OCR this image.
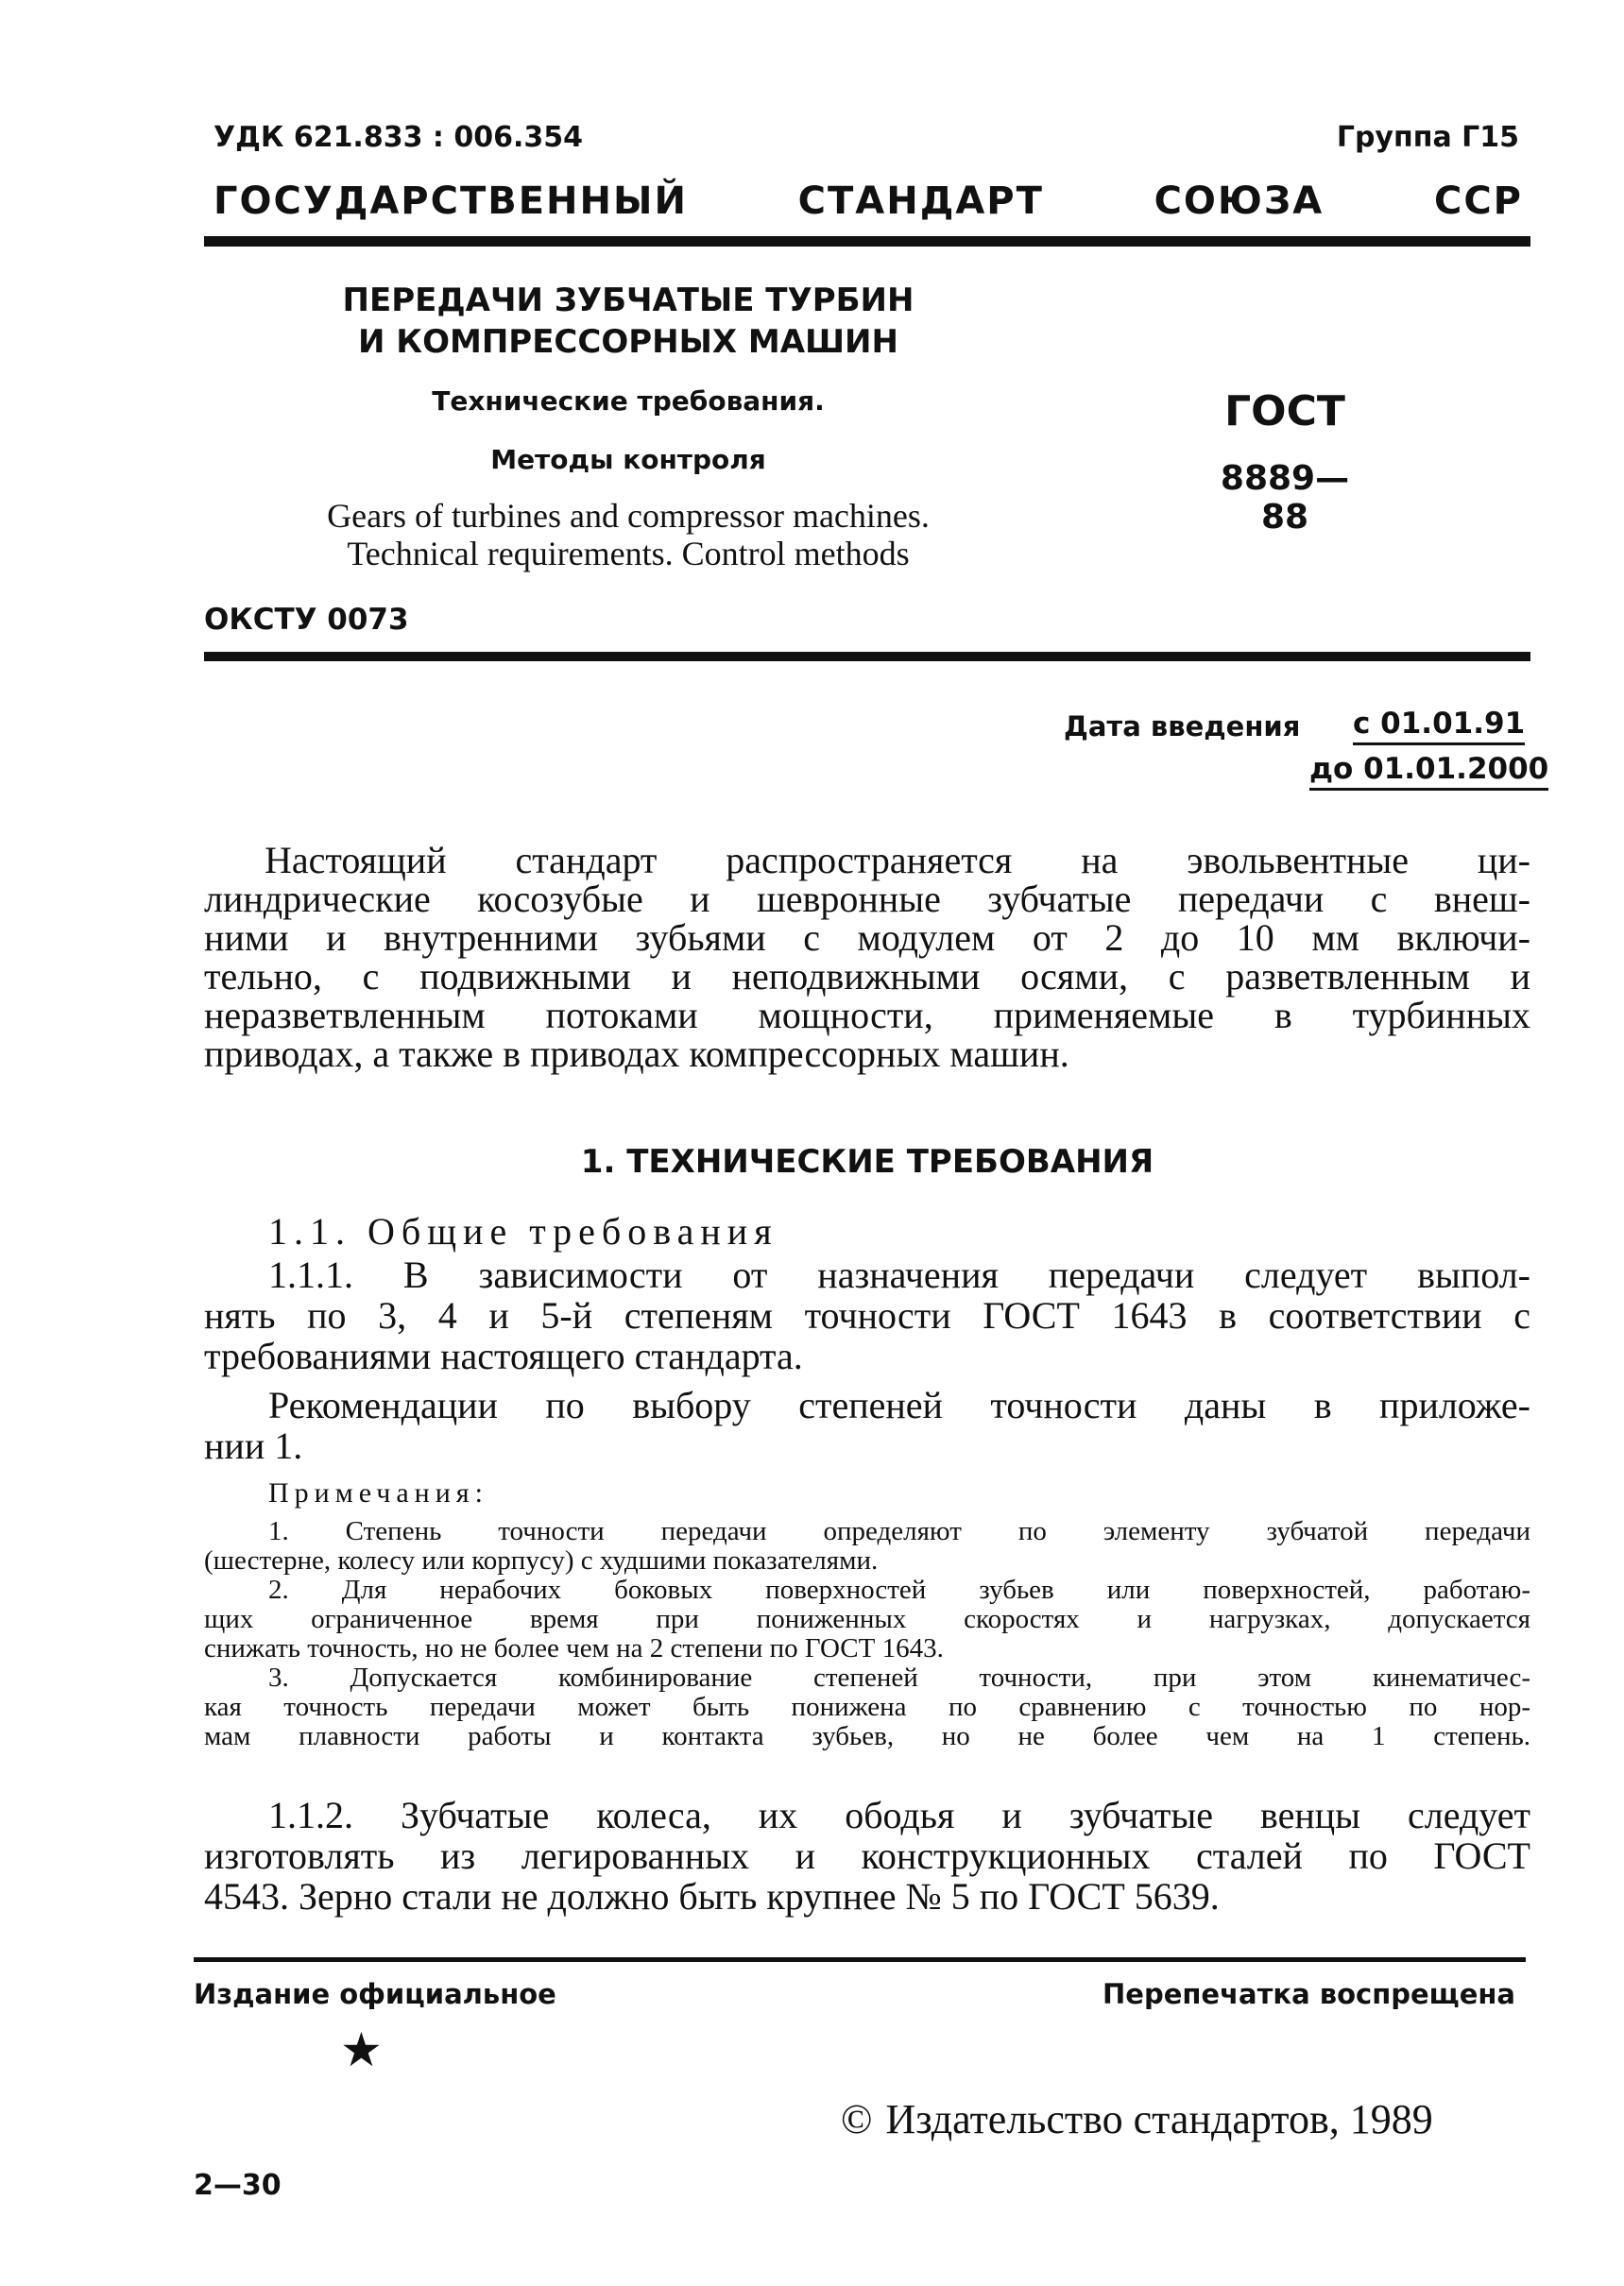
УДК 621.833 : 006.354	Группа Г15
ГОСУДАРСТВЕННЫЙ СТАНДАРТ СОЮЗА ССР
ПЕРЕДАЧИ ЗУБЧАТЫЕ ТУРБИН
И КОМПРЕССОРНЫХ МАШИН
Технические требования.
Методы контроля
Gears of turbines and compressor machines.
Technical requirements. Control methods
ГОСТ
8889—88
ОКСТУ 0073
Дата введения с 01.01.91
до 01.01.2000
Настоящий стандарт распространяется на эвольвентные ци-
линдрические косозубые и шевронные зубчатые передачи с внеш-
ними и внутренними зубьями с модулем от 2 до 10 мм включи-
тельно, с подвижными и неподвижными осями, с разветвленным и
неразветвленным потоками мощности, применяемые в турбинных
приводах, а также в приводах компрессорных машин.
1. ТЕХНИЧЕСКИЕ ТРЕБОВАНИЯ
1.1. Общие требования
1.1.1. В зависимости от назначения передачи следует выпол-
нять по 3, 4 и 5-й степеням точности ГОСТ 1643 в соответствии с
требованиями настоящего стандарта.
Рекомендации по выбору степеней точности даны в приложе-
нии 1.
Примечания:
1. Степень точности передачи определяют по элементу зубчатой передачи
(шестерне, колесу или корпусу) с худшими показателями.
2. Для нерабочих боковых поверхностей зубьев или поверхностей, работаю-
щих ограниченное время при пониженных скоростях и нагрузках, допускается
снижать точность, но не более чем на 2 степени по ГОСТ 1643.
3. Допускается комбинирование степеней точности, при этом кинематичес-
кая точность передачи может быть понижена по сравнению с точностью по нор-
мам плавности работы и контакта зубьев, но не более чем на 1 степень.
1.1.2. Зубчатые колеса, их ободья и зубчатые венцы следует
изготовлять из легированных и конструкционных сталей по ГОСТ
4543. Зерно стали не должно быть крупнее № 5 по ГОСТ 5639.
Издание официальное	Перепечатка воспрещена
★
© Издательство стандартов, 1989
2—30
